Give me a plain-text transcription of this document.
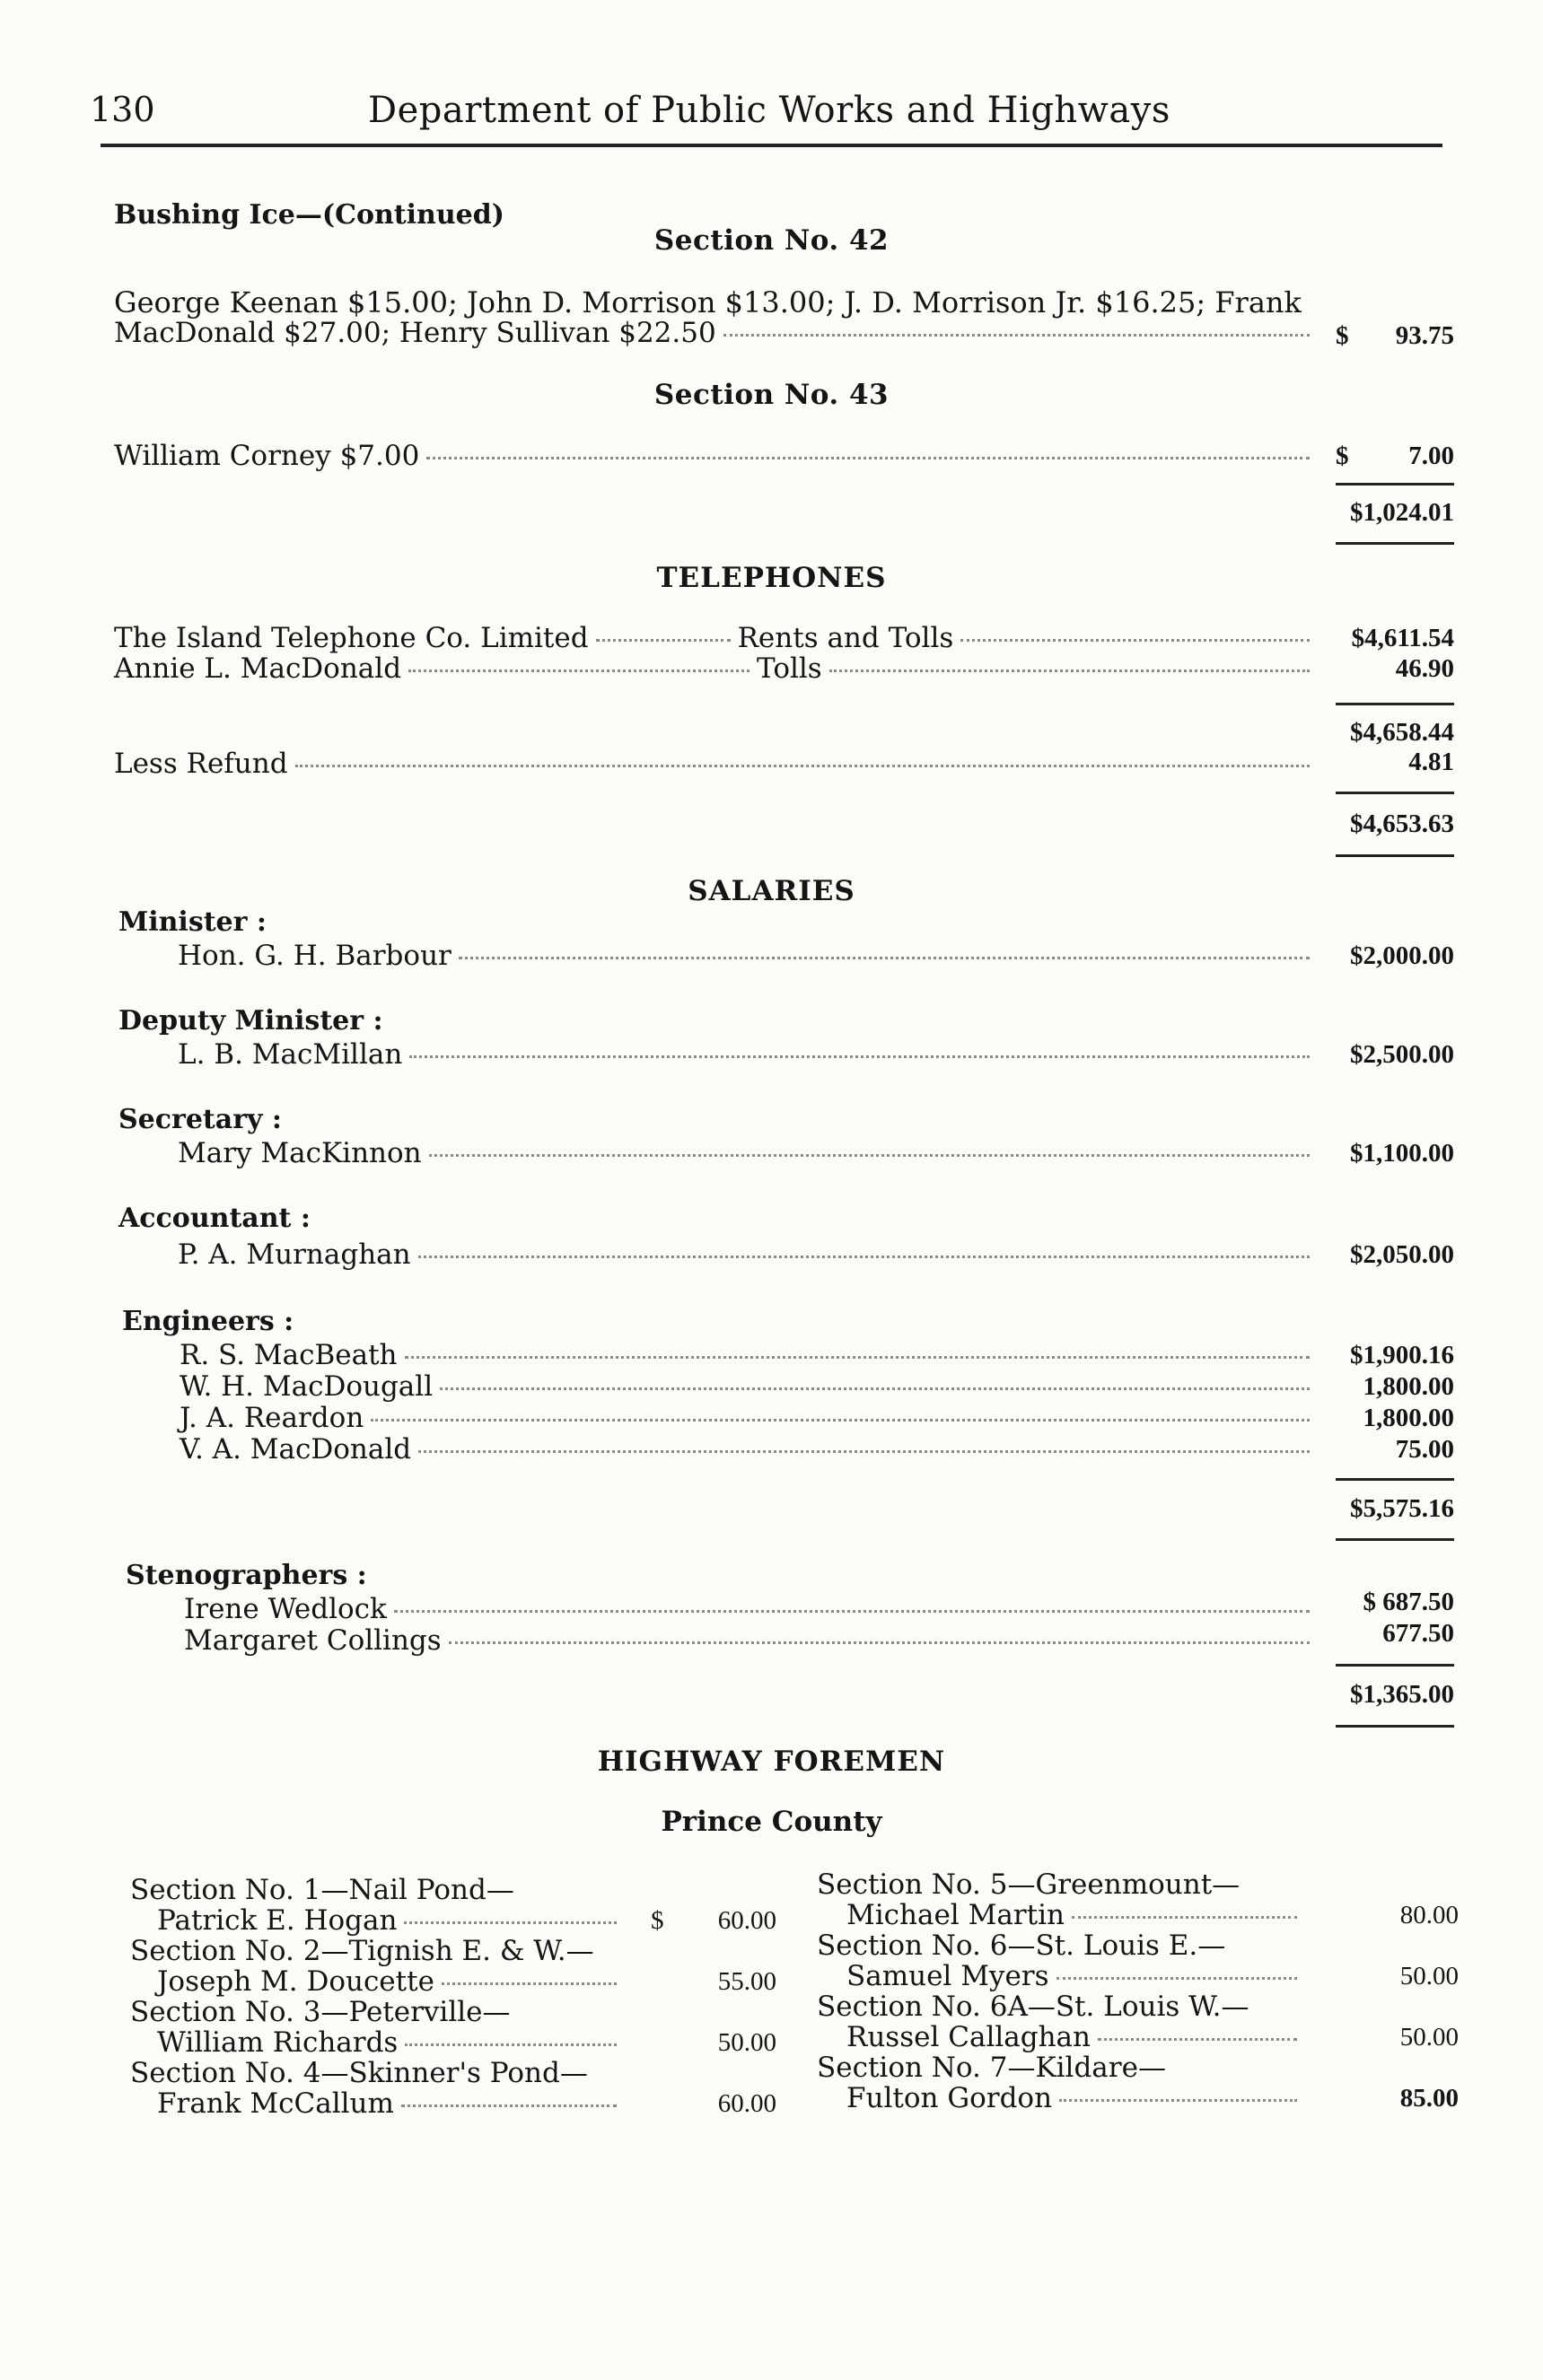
130	Department of Public Works and Highways
Bushing Ice—(Continued)
Section No. 42
George Keenan $15.00; John D. Morrison $13.00; J. D. Morrison Jr. $16.25; Frank
MacDonald $27.00; Henry Sullivan $22.50	$	93.75
Section No. 43
William Corney $7.00	$	7.00
$1,024.01
TELEPHONES
The Island Telephone Co. Limited	Rents and Tolls	$4,611.54
Annie L. MacDonald	Tolls	46.90
$4,658.44
Less Refund	4.81
$4,653.63
SALARIES
Minister :
Hon. G. H. Barbour	$2,000.00
Deputy Minister :
L. B. MacMillan	$2,500.00
Secretary :
Mary MacKinnon	$1,100.00
Accountant :
P. A. Murnaghan	$2,050.00
Engineers :
R. S. MacBeath	$1,900.16
W. H. MacDougall	1,800.00
J. A. Reardon	1,800.00
V. A. MacDonald	75.00
$5,575.16
Stenographers :
Irene Wedlock	$ 687.50
Margaret Collings	677.50
$1,365.00
HIGHWAY FOREMEN
Prince County
Section No. 1—Nail Pond—
Patrick E. Hogan	$	60.00
Section No. 2—Tignish E. & W.—
Joseph M. Doucette	55.00
Section No. 3—Peterville—
William Richards	50.00
Section No. 4—Skinner's Pond—
Frank McCallum	60.00
Section No. 5—Greenmount—
Michael Martin	80.00
Section No. 6—St. Louis E.—
Samuel Myers	50.00
Section No. 6A—St. Louis W.—
Russel Callaghan	50.00
Section No. 7—Kildare—
Fulton Gordon	85.00
